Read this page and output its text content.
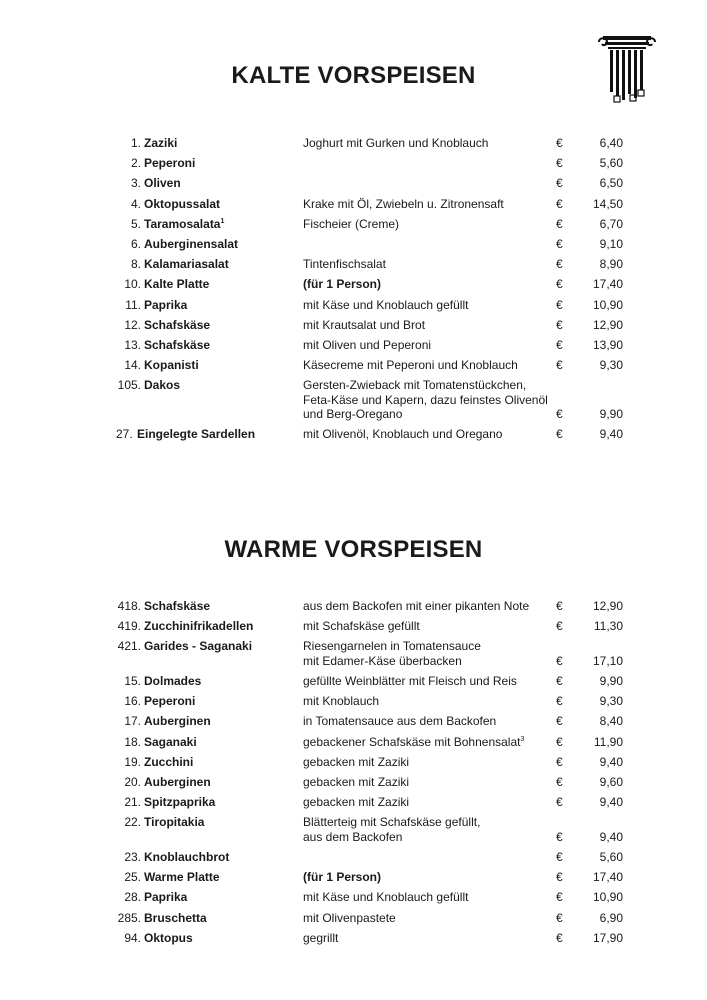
KALTE VORSPEISEN
1. Zaziki	Joghurt mit Gurken und Knoblauch	€	6,40
2. Peperoni	€	5,60
3. Oliven	€	6,50
4. Oktopussalat	Krake mit Öl, Zwiebeln u. Zitronensaft	€	14,50
5. Taramosalata$^1$	Fischeier (Creme)	€	6,70
6. Auberginensalat	€	9,10
8. Kalamariasalat	Tintenfischsalat	€	8,90
10. Kalte Platte	(für 1 Person)	€	17,40
11. Paprika	mit Käse und Knoblauch gefüllt	€	10,90
12. Schafskäse	mit Krautsalat und Brot	€	12,90
13. Schafskäse	mit Oliven und Peperoni	€	13,90
14. Kopanisti	Käsecreme mit Peperoni und Knoblauch	€	9,30
105. Dakos	Gersten-Zwieback mit Tomatenstückchen,
Feta-Käse und Kapern, dazu feinstes Olivenöl
und Berg-Oregano	€	9,90
27. Eingelegte Sardellen	mit Olivenöl, Knoblauch und Oregano	€	9,40
WARME VORSPEISEN
418. Schafskäse	aus dem Backofen mit einer pikanten Note	€	12,90
419. Zucchinifrikadellen	mit Schafskäse gefüllt	€	11,30
421. Garides - Saganaki	Riesengarnelen in Tomatensauce
mit Edamer-Käse überbacken	€	17,10
15. Dolmades	gefüllte Weinblätter mit Fleisch und Reis	€	9,90
16. Peperoni	mit Knoblauch	€	9,30
17. Auberginen	in Tomatensauce aus dem Backofen	€	8,40
18. Saganaki	gebackener Schafskäse mit Bohnensalat$^3$	€	11,90
19. Zucchini	gebacken mit Zaziki	€	9,40
20. Auberginen	gebacken mit Zaziki	€	9,60
21. Spitzpaprika	gebacken mit Zaziki	€	9,40
22. Tiropitakia	Blätterteig mit Schafskäse gefüllt,
aus dem Backofen	€	9,40
23. Knoblauchbrot	€	5,60
25. Warme Platte	(für 1 Person)	€	17,40
28. Paprika	mit Käse und Knoblauch gefüllt	€	10,90
285. Bruschetta	mit Olivenpastete	€	6,90
94. Oktopus	gegrillt	€	17,90
